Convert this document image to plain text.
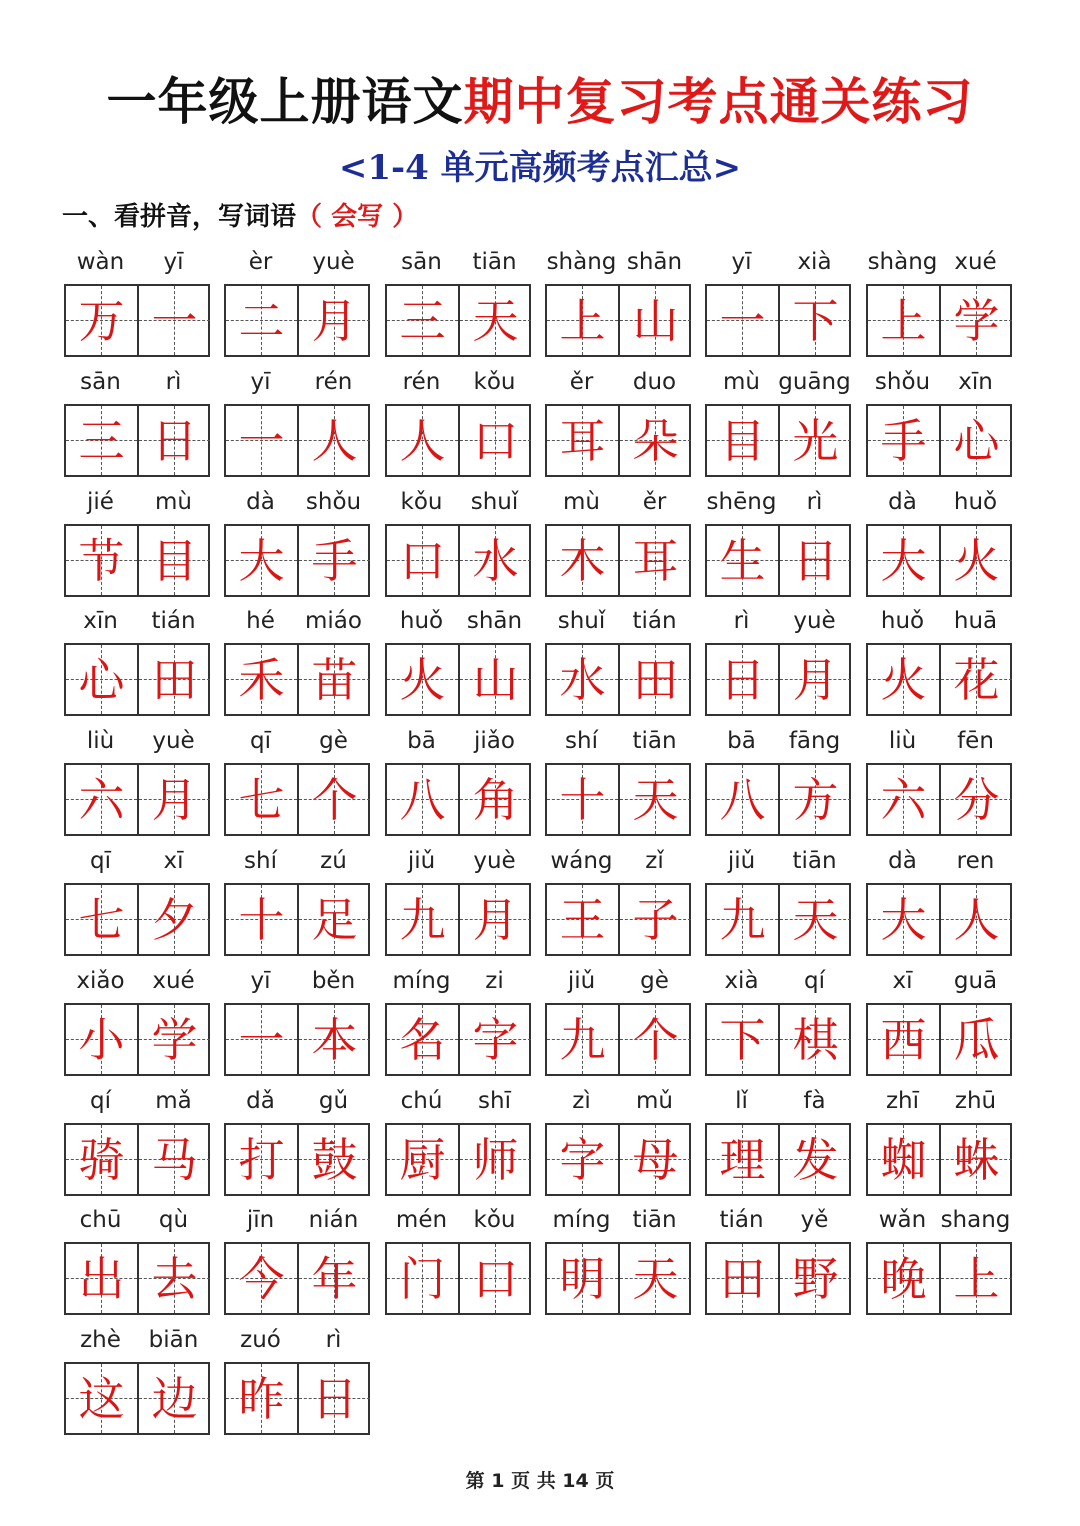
一年级上册语文期中复习考点通关练习
<1-4 单元高频考点汇总>
一、看拼音，写词语（ 会写 ）
wàn	yī
万 一
èr	yuè
二 月
sān	tiān
三 天
shàng shān
上 山
yī	xià
一 下
shàng xué
上 学
sān	rì
三 日
yī	rén
一 人
rén	kǒu
人 口
ěr	duo
耳 朵
mù guāng
目 光
shǒu	xīn
手 心
jié	mù
节 目
dà	shǒu
大 手
kǒu	shuǐ
口 水
mù	ěr
木 耳
shēng	rì
生 日
dà	huǒ
大 火
xīn	tián
心 田
hé	miáo
禾 苗
huǒ	shān
火 山
shuǐ	tián
水 田
rì	yuè
日 月
huǒ	huā
火 花
liù	yuè
六 月
qī	gè
七 个
bā	jiǎo
八 角
shí	tiān
十 天
bā	fāng
八 方
liù	fēn
六 分
qī	xī
七 夕
shí	zú
十 足
jiǔ	yuè
九 月
wáng	zǐ
王 子
jiǔ	tiān
九 天
dà	ren
大 人
xiǎo	xué
小 学
yī	běn
一 本
míng	zi
名 字
jiǔ	gè
九 个
xià	qí
下 棋
xī	guā
西 瓜
qí	mǎ
骑 马
dǎ	gǔ
打 鼓
chú	shī
厨 师
zì	mǔ
字 母
lǐ	fà
理 发
zhī	zhū
蜘 蛛
chū	qù
出 去
jīn	nián
今 年
mén	kǒu
门 口
míng tiān
明 天
tián	yě
田 野
wǎn shang
晚 上
zhè	biān
这 边
zuó	rì
昨 日
第 1 页 共 14 页
